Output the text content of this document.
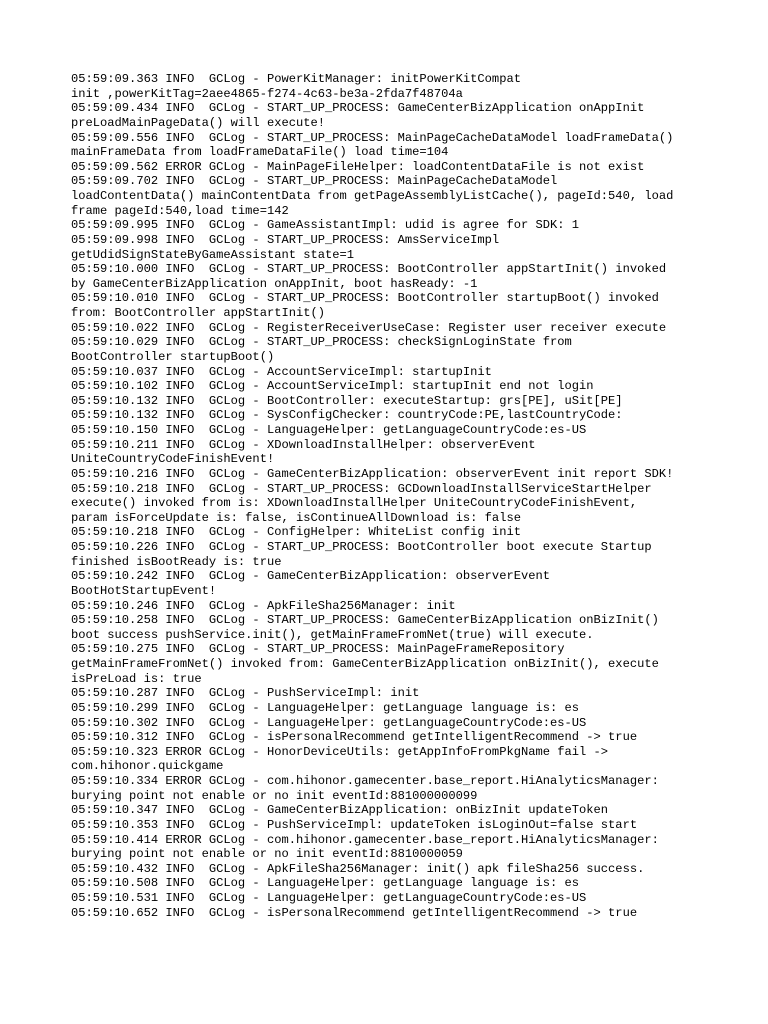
05:59:09.363 INFO  GCLog - PowerKitManager: initPowerKitCompat
init ,powerKitTag=2aee4865-f274-4c63-be3a-2fda7f48704a
05:59:09.434 INFO  GCLog - START_UP_PROCESS: GameCenterBizApplication onAppInit
preLoadMainPageData() will execute!
05:59:09.556 INFO  GCLog - START_UP_PROCESS: MainPageCacheDataModel loadFrameData()
mainFrameData from loadFrameDataFile() load time=104
05:59:09.562 ERROR GCLog - MainPageFileHelper: loadContentDataFile is not exist
05:59:09.702 INFO  GCLog - START_UP_PROCESS: MainPageCacheDataModel
loadContentData() mainContentData from getPageAssemblyListCache(), pageId:540, load
frame pageId:540,load time=142
05:59:09.995 INFO  GCLog - GameAssistantImpl: udid is agree for SDK: 1
05:59:09.998 INFO  GCLog - START_UP_PROCESS: AmsServiceImpl
getUdidSignStateByGameAssistant state=1
05:59:10.000 INFO  GCLog - START_UP_PROCESS: BootController appStartInit() invoked
by GameCenterBizApplication onAppInit, boot hasReady: -1
05:59:10.010 INFO  GCLog - START_UP_PROCESS: BootController startupBoot() invoked
from: BootController appStartInit()
05:59:10.022 INFO  GCLog - RegisterReceiverUseCase: Register user receiver execute
05:59:10.029 INFO  GCLog - START_UP_PROCESS: checkSignLoginState from
BootController startupBoot()
05:59:10.037 INFO  GCLog - AccountServiceImpl: startupInit
05:59:10.102 INFO  GCLog - AccountServiceImpl: startupInit end not login
05:59:10.132 INFO  GCLog - BootController: executeStartup: grs[PE], uSit[PE]
05:59:10.132 INFO  GCLog - SysConfigChecker: countryCode:PE,lastCountryCode:
05:59:10.150 INFO  GCLog - LanguageHelper: getLanguageCountryCode:es-US
05:59:10.211 INFO  GCLog - XDownloadInstallHelper: observerEvent
UniteCountryCodeFinishEvent!
05:59:10.216 INFO  GCLog - GameCenterBizApplication: observerEvent init report SDK!
05:59:10.218 INFO  GCLog - START_UP_PROCESS: GCDownloadInstallServiceStartHelper
execute() invoked from is: XDownloadInstallHelper UniteCountryCodeFinishEvent,
param isForceUpdate is: false, isContinueAllDownload is: false
05:59:10.218 INFO  GCLog - ConfigHelper: WhiteList config init
05:59:10.226 INFO  GCLog - START_UP_PROCESS: BootController boot execute Startup
finished isBootReady is: true
05:59:10.242 INFO  GCLog - GameCenterBizApplication: observerEvent
BootHotStartupEvent!
05:59:10.246 INFO  GCLog - ApkFileSha256Manager: init
05:59:10.258 INFO  GCLog - START_UP_PROCESS: GameCenterBizApplication onBizInit()
boot success pushService.init(), getMainFrameFromNet(true) will execute.
05:59:10.275 INFO  GCLog - START_UP_PROCESS: MainPageFrameRepository
getMainFrameFromNet() invoked from: GameCenterBizApplication onBizInit(), execute
isPreLoad is: true
05:59:10.287 INFO  GCLog - PushServiceImpl: init
05:59:10.299 INFO  GCLog - LanguageHelper: getLanguage language is: es
05:59:10.302 INFO  GCLog - LanguageHelper: getLanguageCountryCode:es-US
05:59:10.312 INFO  GCLog - isPersonalRecommend getIntelligentRecommend -> true
05:59:10.323 ERROR GCLog - HonorDeviceUtils: getAppInfoFromPkgName fail ->
com.hihonor.quickgame
05:59:10.334 ERROR GCLog - com.hihonor.gamecenter.base_report.HiAnalyticsManager:
burying point not enable or no init eventId:881000000099
05:59:10.347 INFO  GCLog - GameCenterBizApplication: onBizInit updateToken
05:59:10.353 INFO  GCLog - PushServiceImpl: updateToken isLoginOut=false start
05:59:10.414 ERROR GCLog - com.hihonor.gamecenter.base_report.HiAnalyticsManager:
burying point not enable or no init eventId:8810000059
05:59:10.432 INFO  GCLog - ApkFileSha256Manager: init() apk fileSha256 success.
05:59:10.508 INFO  GCLog - LanguageHelper: getLanguage language is: es
05:59:10.531 INFO  GCLog - LanguageHelper: getLanguageCountryCode:es-US
05:59:10.652 INFO  GCLog - isPersonalRecommend getIntelligentRecommend -> true
